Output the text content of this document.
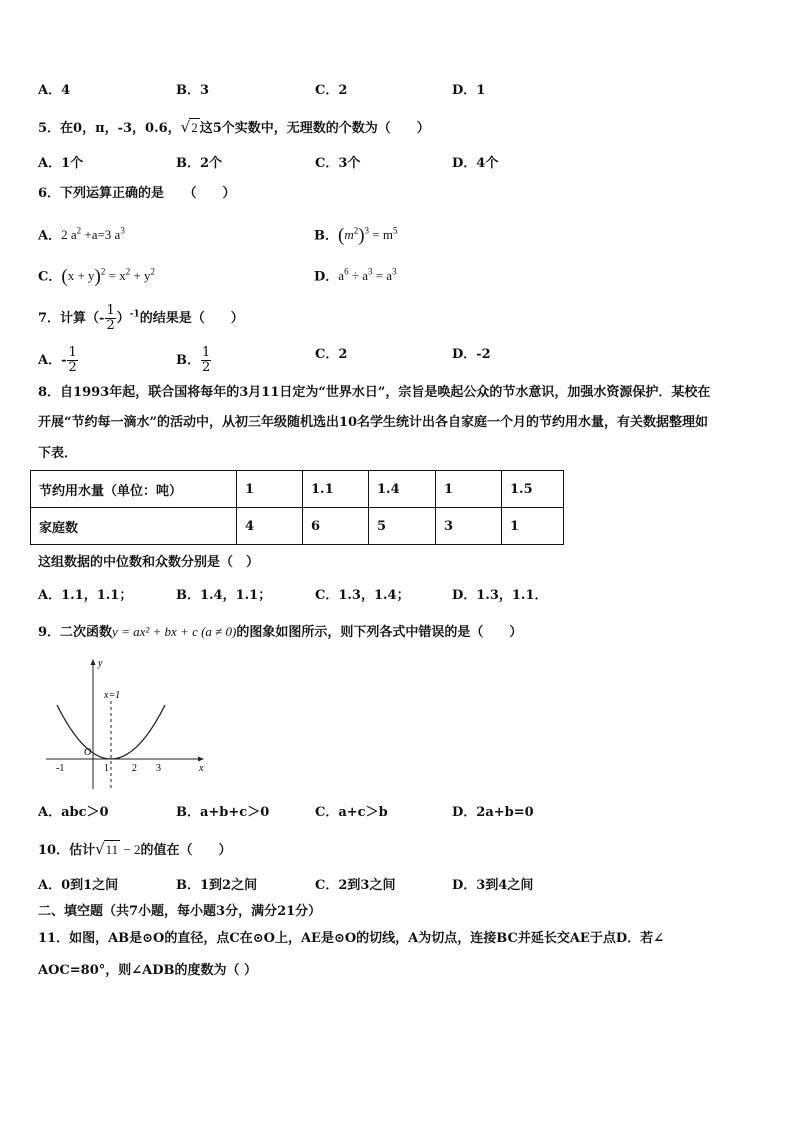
A．4	B．3	C．2	D．1
5．在0，π，-3，0.6，√2 这5个实数中，无理数的个数为（　　）
A．1个	B．2个	C．3个	D．4个
6．下列运算正确的是　　（　　）
A．2 $a^2 +a=3$ $a^3$	B．$(m^2)^3 = m^5$
C．$(x + y)^2 = x^2 + y^2$	D．$a^6 \div a^3 = a^3$
7．计算（- $\frac{1}{2} )^{-1}$的结果是（　　）
A．- $\frac{1}{2}$	B． $\frac{1}{2}$	C．2	D．-2
8．自1993年起，联合国将每年的3月11日定为“世界水日”，宗旨是唤起公众的节水意识，加强水资源保护．某校在
开展“节约每一滴水”的活动中，从初三年级随机选出10名学生统计出各自家庭一个月的节约用水量，有关数据整理如
下表．
节约用水量（单位：吨）	1	1.1	1.4	1	1.5
家庭数	4	6	5	3	1
这组数据的中位数和众数分别是（　）
A．1.1，1.1；	B．1.4，1.1；	C．1.3，1.4；	D．1.3，1.1．
9．二次函数y = ax² + bx + c (a ≠ 0)的图象如图所示，则下列各式中错误的是（　　）
y
x
x=1
O
-1	1 2 3
A．abc＞0	B．a+b+c＞0	C．a+c＞b	D．2a+b=0
10．估计√11 − 2的值在（　　）
A．0到1之间	B．1到2之间	C．2到3之间	D．3到4之间
二、填空题（共7小题，每小题3分，满分21分）
11．如图，AB是⊙O的直径，点C在⊙O上，AE是⊙O的切线，A为切点，连接BC并延长交AE于点D．若∠
AOC=80°，则∠ADB的度数为（ ）
